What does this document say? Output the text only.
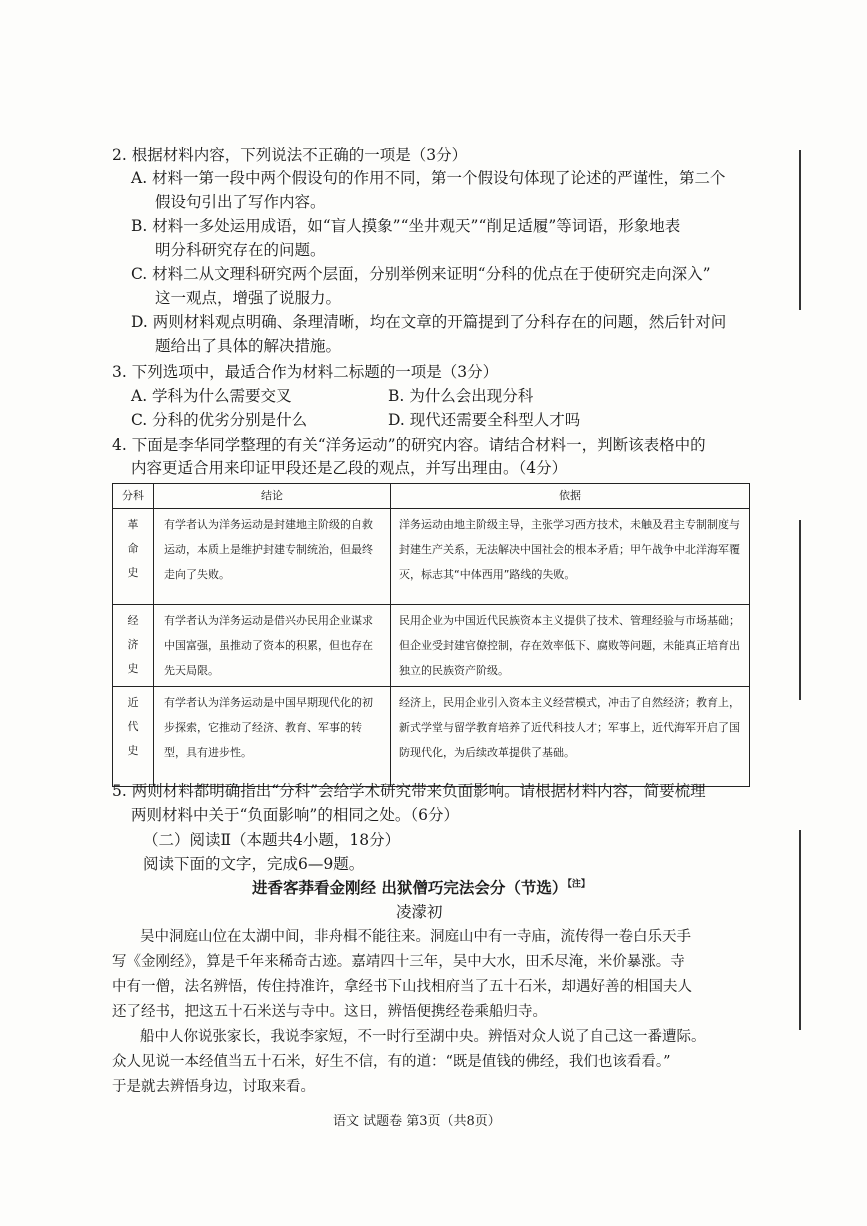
2. 根据材料内容，下列说法不正确的一项是（3分）
A. 材料一第一段中两个假设句的作用不同，第一个假设句体现了论述的严谨性，第二个
假设句引出了写作内容。
B. 材料一多处运用成语，如“盲人摸象”“坐井观天”“削足适履”等词语，形象地表
明分科研究存在的问题。
C. 材料二从文理科研究两个层面，分别举例来证明“分科的优点在于使研究走向深入”
这一观点，增强了说服力。
D. 两则材料观点明确、条理清晰，均在文章的开篇提到了分科存在的问题，然后针对问
题给出了具体的解决措施。
3. 下列选项中，最适合作为材料二标题的一项是（3分）
A. 学科为什么需要交叉	B. 为什么会出现分科
C. 分科的优劣分别是什么	D. 现代还需要全科型人才吗
4. 下面是李华同学整理的有关“洋务运动”的研究内容。请结合材料一，判断该表格中的
内容更适合用来印证甲段还是乙段的观点，并写出理由。（4分）
分科	结论	依据

革
命
史	有学者认为洋务运动是封建地主阶级的自救运动，本质上是维护封建专制统治，但最终走向了失败。	洋务运动由地主阶级主导，主张学习西方技术，未触及君主专制制度与封建生产关系，无法解决中国社会的根本矛盾；甲午战争中北洋海军覆灭，标志其“中体西用”路线的失败。

经
济
史	有学者认为洋务运动是借兴办民用企业谋求中国富强，虽推动了资本的积累，但也存在先天局限。	民用企业为中国近代民族资本主义提供了技术、管理经验与市场基础；但企业受封建官僚控制，存在效率低下、腐败等问题，未能真正培育出独立的民族资产阶级。

近
代
史	有学者认为洋务运动是中国早期现代化的初步探索，它推动了经济、教育、军事的转型，具有进步性。	经济上，民用企业引入资本主义经营模式，冲击了自然经济；教育上，新式学堂与留学教育培养了近代科技人才；军事上，近代海军开启了国防现代化，为后续改革提供了基础。
5. 两则材料都明确指出“分科”会给学术研究带来负面影响。请根据材料内容，简要梳理
两则材料中关于“负面影响”的相同之处。（6分）
（二）阅读Ⅱ（本题共4小题，18分）
阅读下面的文字，完成6—9题。
进香客莽看金刚经 出狱僧巧完法会分（节选）$^{【注】}$
凌濛初
吴中洞庭山位在太湖中间，非舟楫不能往来。洞庭山中有一寺庙，流传得一卷白乐天手
写《金刚经》，算是千年来稀奇古迹。嘉靖四十三年，吴中大水，田禾尽淹，米价暴涨。寺
中有一僧，法名辨悟，传住持准许，拿经书下山找相府当了五十石米，却遇好善的相国夫人
还了经书，把这五十石米送与寺中。这日，辨悟便携经卷乘船归寺。
船中人你说张家长，我说李家短，不一时行至湖中央。辨悟对众人说了自己这一番遭际。
众人见说一本经值当五十石米，好生不信，有的道：“既是值钱的佛经，我们也该看看。”
于是就去辨悟身边，讨取来看。
语文 试题卷 第3页（共8页）
